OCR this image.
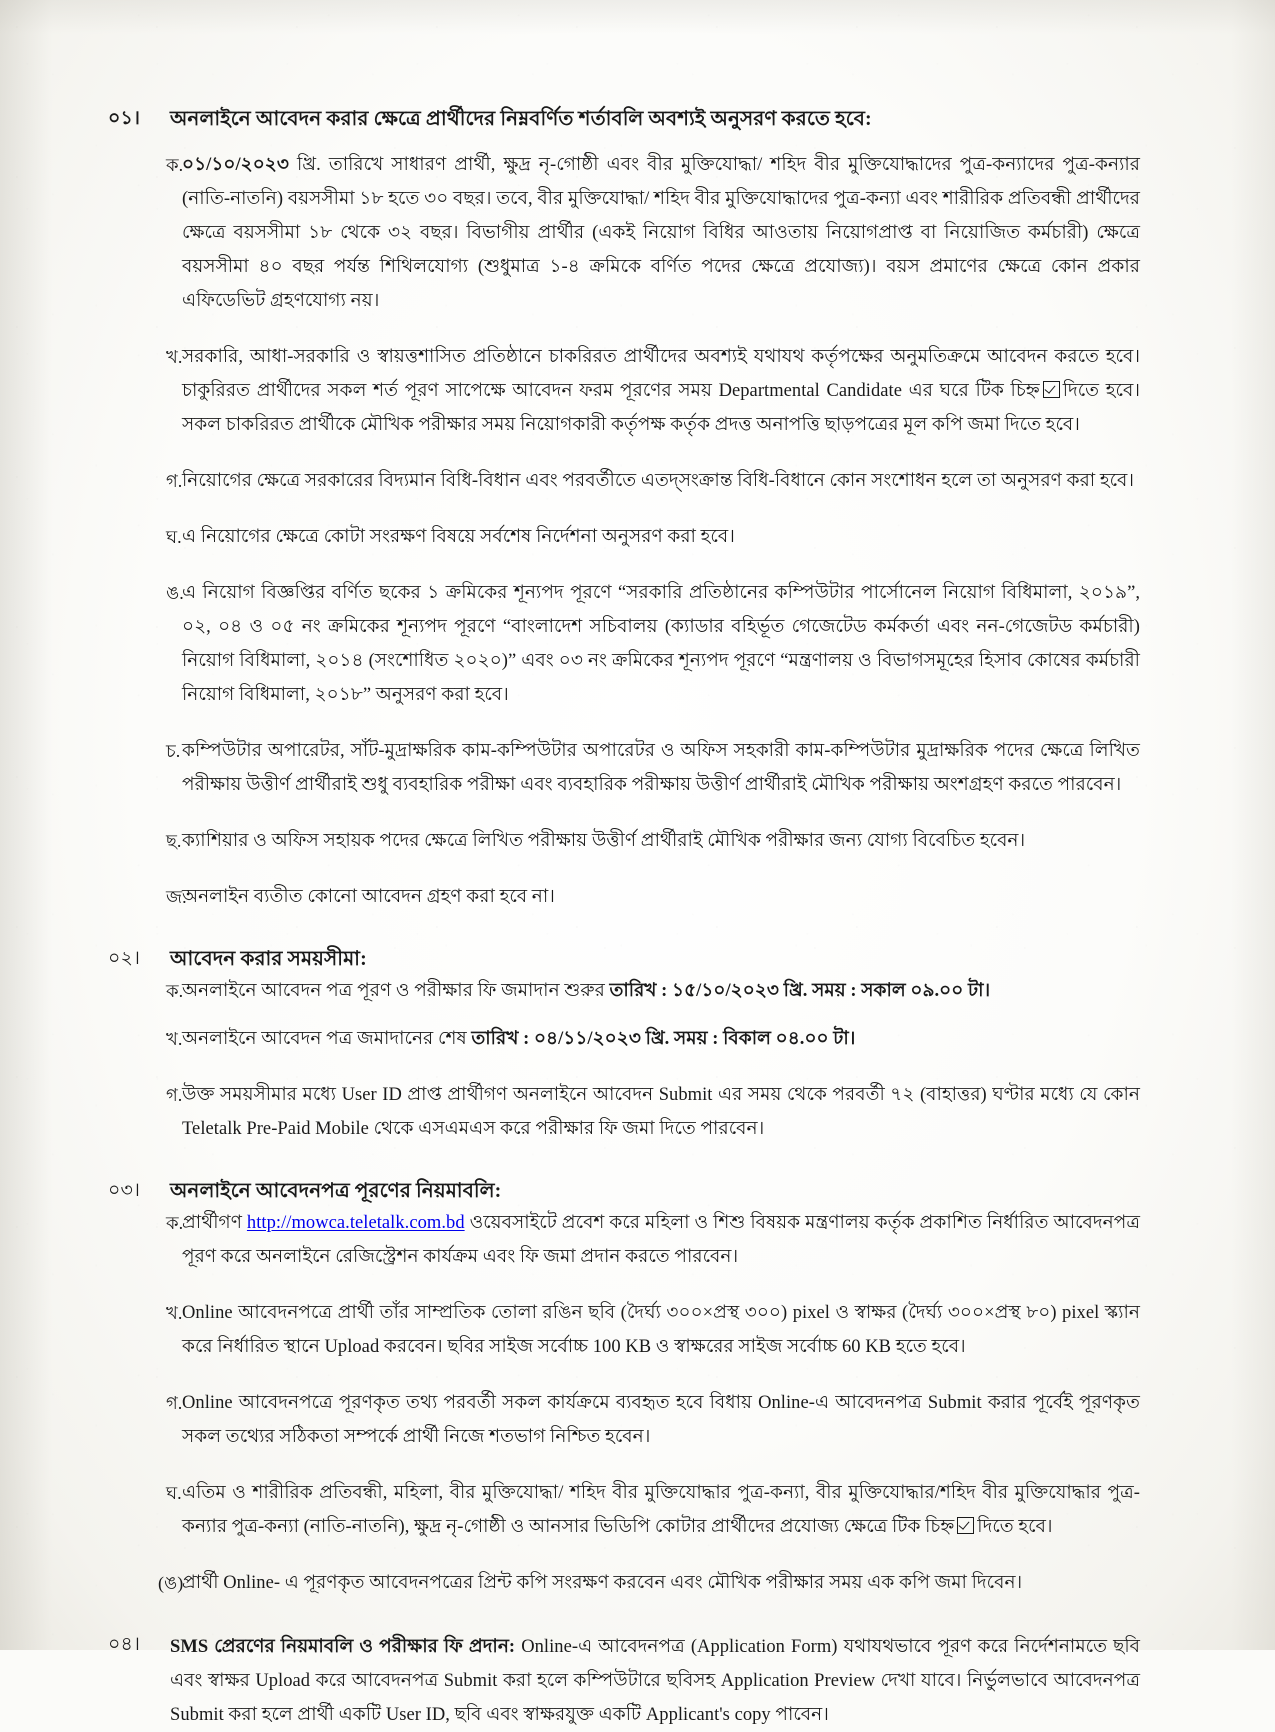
০১।	অনলাইনে আবেদন করার ক্ষেত্রে প্রার্থীদের নিম্নবর্ণিত শর্তাবলি অবশ্যই অনুসরণ করতে হবে:
ক.
০১/১০/২০২৩ খ্রি. তারিখে সাধারণ প্রার্থী, ক্ষুদ্র নৃ-গোষ্ঠী এবং বীর মুক্তিযোদ্ধা/ শহিদ বীর মুক্তিযোদ্ধাদের পুত্র-কন্যাদের পুত্র-কন্যার (নাতি-নাতনি) বয়সসীমা ১৮ হতে ৩০ বছর। তবে, বীর মুক্তিযোদ্ধা/ শহিদ বীর মুক্তিযোদ্ধাদের পুত্র-কন্যা এবং শারীরিক প্রতিবন্ধী প্রার্থীদের ক্ষেত্রে বয়সসীমা ১৮ থেকে ৩২ বছর। বিভাগীয় প্রার্থীর (একই নিয়োগ বিধির আওতায় নিয়োগপ্রাপ্ত বা নিয়োজিত কর্মচারী) ক্ষেত্রে বয়সসীমা ৪০ বছর পর্যন্ত শিথিলযোগ্য (শুধুমাত্র ১-৪ ক্রমিকে বর্ণিত পদের ক্ষেত্রে প্রযোজ্য)। বয়স প্রমাণের ক্ষেত্রে কোন প্রকার এফিডেভিট গ্রহণযোগ্য নয়।
খ. সরকারি, আধা-সরকারি ও স্বায়ত্তশাসিত প্রতিষ্ঠানে চাকরিরত প্রার্থীদের অবশ্যই যথাযথ কর্তৃপক্ষের অনুমতিক্রমে আবেদন করতে হবে। চাকুরিরত প্রার্থীদের সকল শর্ত পূরণ সাপেক্ষে আবেদন ফরম পূরণের সময় Departmental Candidate এর ঘরে টিক চিহ্ন দিতে হবে। সকল চাকরিরত প্রার্থীকে মৌখিক পরীক্ষার সময় নিয়োগকারী কর্তৃপক্ষ কর্তৃক প্রদত্ত অনাপত্তি ছাড়পত্রের মূল কপি জমা দিতে হবে।
গ. নিয়োগের ক্ষেত্রে সরকারের বিদ্যমান বিধি-বিধান এবং পরবর্তীতে এতদ্‌সংক্রান্ত বিধি-বিধানে কোন সংশোধন হলে তা অনুসরণ করা হবে।
ঘ. এ নিয়োগের ক্ষেত্রে কোটা সংরক্ষণ বিষয়ে সর্বশেষ নির্দেশনা অনুসরণ করা হবে।
ঙ.
এ নিয়োগ বিজ্ঞপ্তির বর্ণিত ছকের ১ ক্রমিকের শূন্যপদ পূরণে “সরকারি প্রতিষ্ঠানের কম্পিউটার পার্সোনেল নিয়োগ বিধিমালা, ২০১৯”, ০২, ০৪ ও ০৫ নং ক্রমিকের শূন্যপদ পূরণে “বাংলাদেশ সচিবালয় (ক্যাডার বহির্ভূত গেজেটেড কর্মকর্তা এবং নন-গেজেটড কর্মচারী) নিয়োগ বিধিমালা, ২০১৪ (সংশোধিত ২০২০)” এবং ০৩ নং ক্রমিকের শূন্যপদ পূরণে “মন্ত্রণালয় ও বিভাগসমূহের হিসাব কোষের কর্মচারী নিয়োগ বিধিমালা, ২০১৮” অনুসরণ করা হবে।
চ. কম্পিউটার অপারেটর, সাঁট-মুদ্রাক্ষরিক কাম-কম্পিউটার অপারেটর ও অফিস সহকারী কাম-কম্পিউটার মুদ্রাক্ষরিক পদের ক্ষেত্রে লিখিত পরীক্ষায় উত্তীর্ণ প্রার্থীরাই শুধু ব্যবহারিক পরীক্ষা এবং ব্যবহারিক পরীক্ষায় উত্তীর্ণ প্রার্থীরাই মৌখিক পরীক্ষায় অংশগ্রহণ করতে পারবেন।
ছ. ক্যাশিয়ার ও অফিস সহায়ক পদের ক্ষেত্রে লিখিত পরীক্ষায় উত্তীর্ণ প্রার্থীরাই মৌখিক পরীক্ষার জন্য যোগ্য বিবেচিত হবেন।
জ.
অনলাইন ব্যতীত কোনো আবেদন গ্রহণ করা হবে না।
০২।	আবেদন করার সময়সীমা:
ক.
অনলাইনে আবেদন পত্র পূরণ ও পরীক্ষার ফি জমাদান শুরুর তারিখ : ১৫/১০/২০২৩ খ্রি. সময় : সকাল ০৯.০০ টা।
খ. অনলাইনে আবেদন পত্র জমাদানের শেষ তারিখ : ০৪/১১/২০২৩ খ্রি. সময় : বিকাল ০৪.০০ টা।
গ. উক্ত সময়সীমার মধ্যে User ID প্রাপ্ত প্রার্থীগণ অনলাইনে আবেদন Submit এর সময় থেকে পরবর্তী ৭২ (বাহাত্তর) ঘণ্টার মধ্যে যে কোন Teletalk Pre-Paid Mobile থেকে এসএমএস করে পরীক্ষার ফি জমা দিতে পারবেন।
০৩।	অনলাইনে আবেদনপত্র পূরণের নিয়মাবলি:
ক.
প্রার্থীগণ http://mowca.teletalk.com.bd ওয়েবসাইটে প্রবেশ করে মহিলা ও শিশু বিষয়ক মন্ত্রণালয় কর্তৃক প্রকাশিত নির্ধারিত আবেদনপত্র পূরণ করে অনলাইনে রেজিস্ট্রেশন কার্যক্রম এবং ফি জমা প্রদান করতে পারবেন।
খ. Online আবেদনপত্রে প্রার্থী তাঁর সাম্প্রতিক তোলা রঙিন ছবি (দৈর্ঘ্য ৩০০×প্রস্থ ৩০০) pixel ও স্বাক্ষর (দৈর্ঘ্য ৩০০×প্রস্থ ৮০) pixel স্ক্যান করে নির্ধারিত স্থানে Upload করবেন। ছবির সাইজ সর্বোচ্চ 100 KB ও স্বাক্ষরের সাইজ সর্বোচ্চ 60 KB হতে হবে।
গ. Online আবেদনপত্রে পূরণকৃত তথ্য পরবর্তী সকল কার্যক্রমে ব্যবহৃত হবে বিধায় Online-এ আবেদনপত্র Submit করার পূর্বেই পূরণকৃত সকল তথ্যের সঠিকতা সম্পর্কে প্রার্থী নিজে শতভাগ নিশ্চিত হবেন।
ঘ. এতিম ও শারীরিক প্রতিবন্ধী, মহিলা, বীর মুক্তিযোদ্ধা/ শহিদ বীর মুক্তিযোদ্ধার পুত্র-কন্যা, বীর মুক্তিযোদ্ধার/শহিদ বীর মুক্তিযোদ্ধার পুত্র-কন্যার পুত্র-কন্যা (নাতি-নাতনি), ক্ষুদ্র নৃ-গোষ্ঠী ও আনসার ভিডিপি কোটার প্রার্থীদের প্রযোজ্য ক্ষেত্রে টিক চিহ্ন দিতে হবে।
(ঙ)
প্রার্থী Online- এ পূরণকৃত আবেদনপত্রের প্রিন্ট কপি সংরক্ষণ করবেন এবং মৌখিক পরীক্ষার সময় এক কপি জমা দিবেন।
০৪।	SMS প্রেরণের নিয়মাবলি ও পরীক্ষার ফি প্রদান: Online-এ আবেদনপত্র (Application Form) যথাযথভাবে পূরণ করে নির্দেশনামতে ছবি এবং স্বাক্ষর Upload করে আবেদনপত্র Submit করা হলে কম্পিউটারে ছবিসহ Application Preview দেখা যাবে। নির্ভুলভাবে আবেদনপত্র Submit করা হলে প্রার্থী একটি User ID, ছবি এবং স্বাক্ষরযুক্ত একটি Applicant's copy পাবেন।
